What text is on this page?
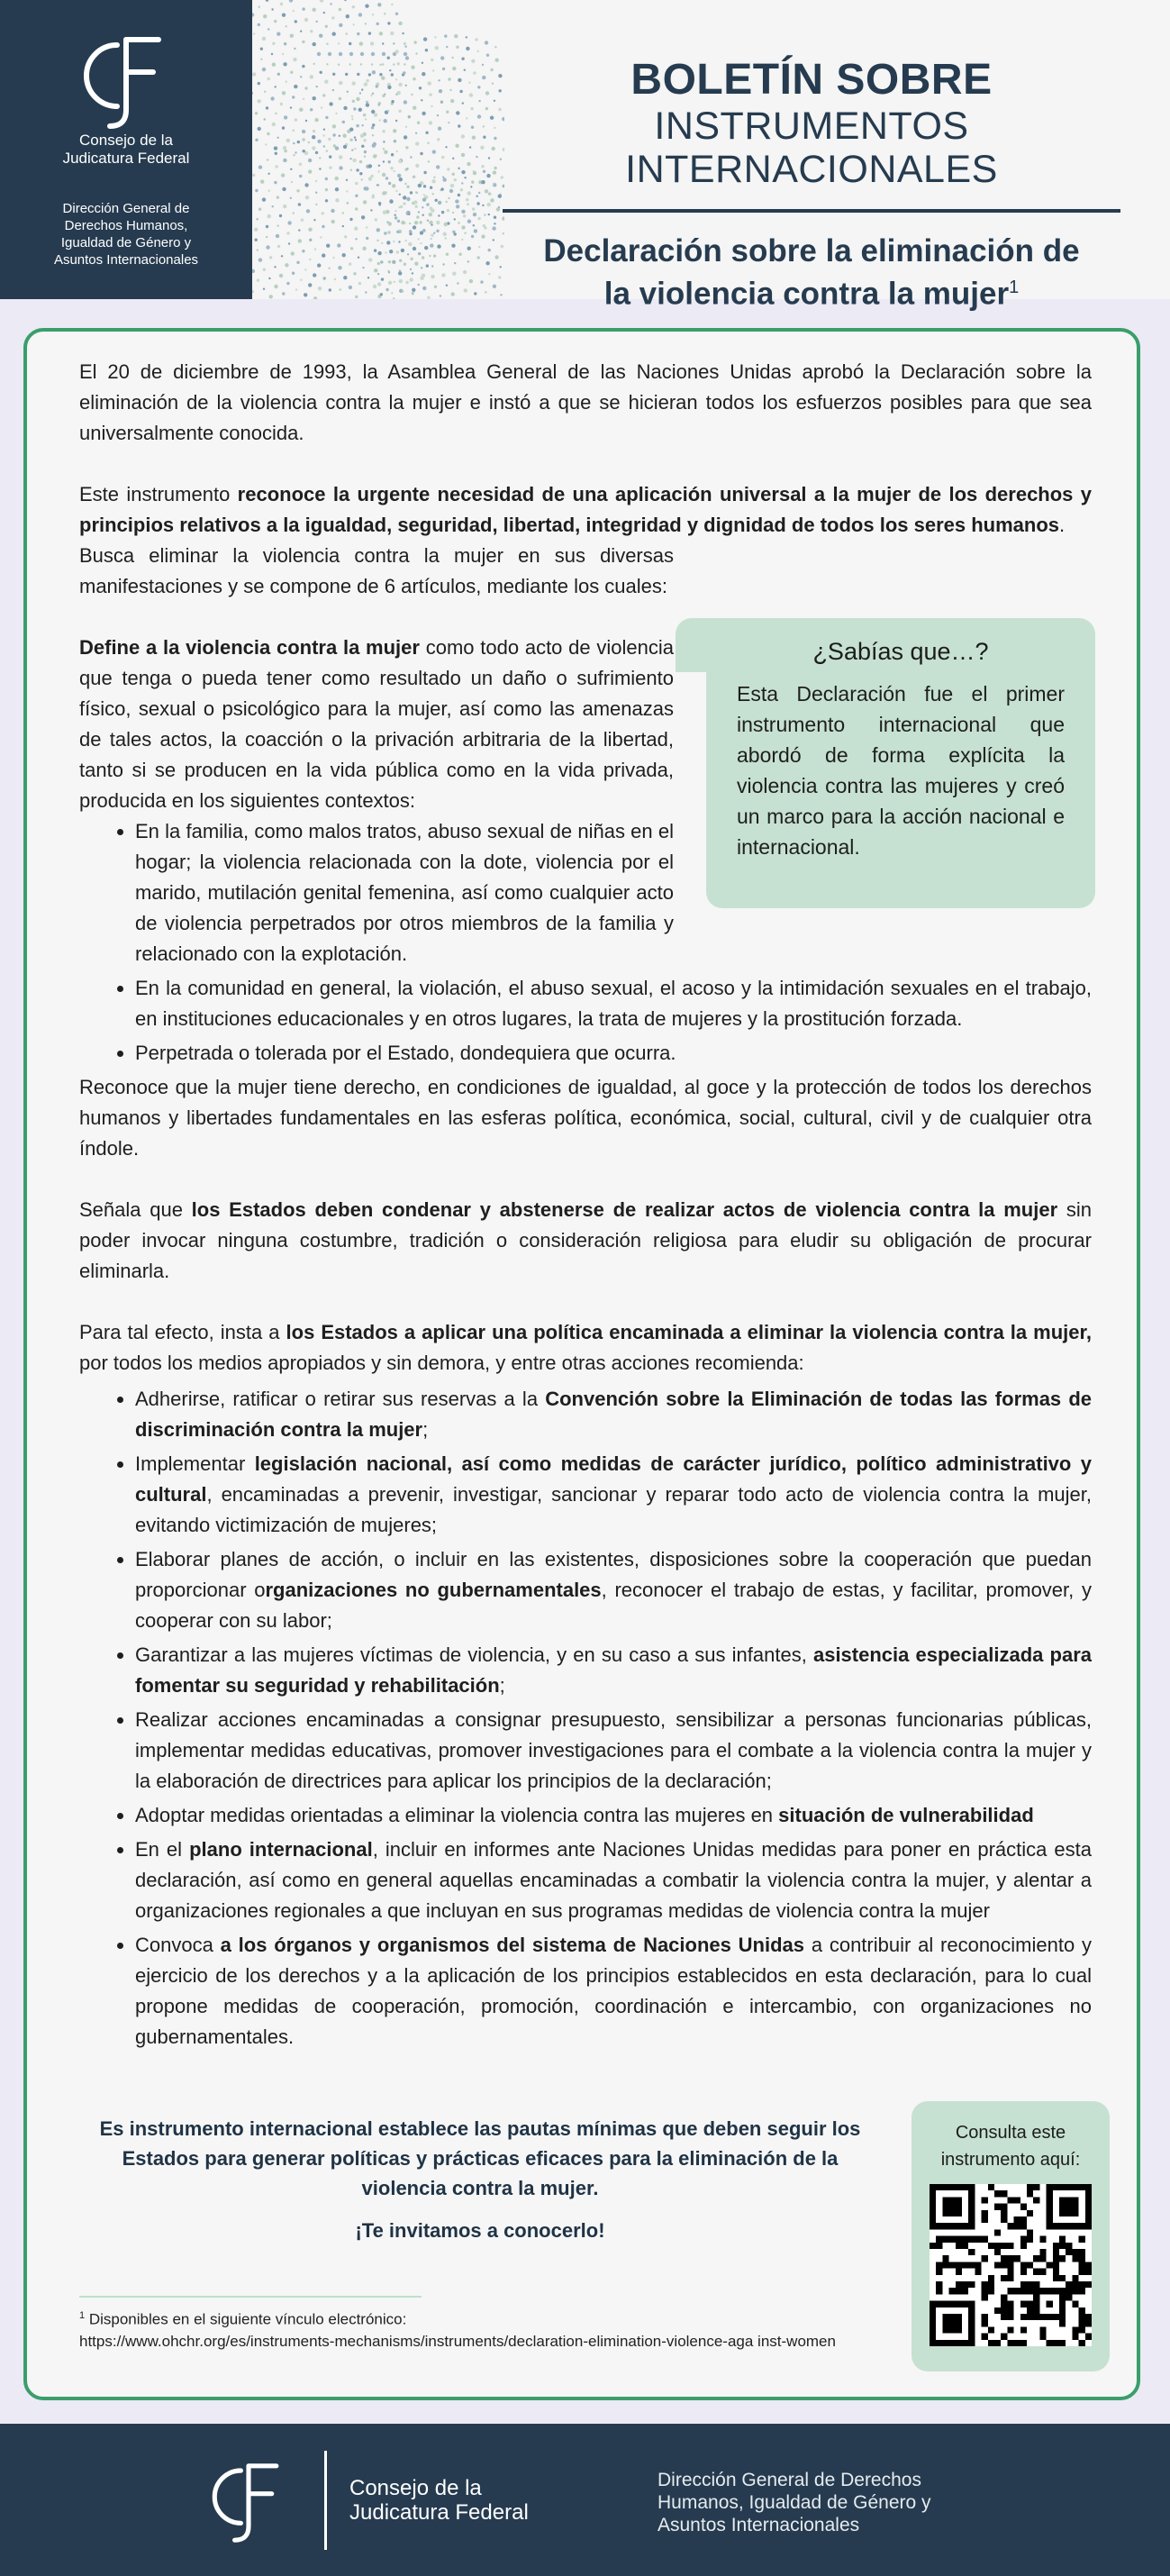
Consejo de la
Judicatura Federal
Dirección General de
Derechos Humanos,
Igualdad de Género y
Asuntos Internacionales
BOLETÍN SOBRE
INSTRUMENTOS INTERNACIONALES
Declaración sobre la eliminación de
la violencia contra la mujer$^1$

El 20 de diciembre de 1993, la Asamblea General de las Naciones Unidas aprobó la Declaración sobre la eliminación de la violencia contra la mujer e instó a que se hicieran todos los esfuerzos posibles para que sea universalmente conocida.

Este instrumento reconoce la urgente necesidad de una aplicación universal a la mujer de los derechos y principios relativos a la igualdad, seguridad, libertad, integridad y dignidad de todos los seres humanos.

Busca eliminar la violencia contra la mujer en sus diversas manifestaciones y se compone de 6 artículos, mediante los cuales:

Define a la violencia contra la mujer como todo acto de violencia que tenga o pueda tener como resultado un daño o sufrimiento físico, sexual o psicológico para la mujer, así como las amenazas de tales actos, la coacción o la privación arbitraria de la libertad, tanto si se producen en la vida pública como en la vida privada, producida en los siguientes contextos:

• En la familia, como malos tratos, abuso sexual de niñas en el hogar; la violencia relacionada con la dote, violencia por el marido, mutilación genital femenina, así como cualquier acto de violencia perpetrados por otros miembros de la familia y relacionado con la explotación.
• En la comunidad en general, la violación, el abuso sexual, el acoso y la intimidación sexuales en el trabajo, en instituciones educacionales y en otros lugares, la trata de mujeres y la prostitución forzada.
• Perpetrada o tolerada por el Estado, dondequiera que ocurra.

Reconoce que la mujer tiene derecho, en condiciones de igualdad, al goce y la protección de todos los derechos humanos y libertades fundamentales en las esferas política, económica, social, cultural, civil y de cualquier otra índole.

Señala que los Estados deben condenar y abstenerse de realizar actos de violencia contra la mujer sin poder invocar ninguna costumbre, tradición o consideración religiosa para eludir su obligación de procurar eliminarla.

Para tal efecto, insta a los Estados a aplicar una política encaminada a eliminar la violencia contra la mujer, por todos los medios apropiados y sin demora, y entre otras acciones recomienda:

• Adherirse, ratificar o retirar sus reservas a la Convención sobre la Eliminación de todas las formas de discriminación contra la mujer;
• Implementar legislación nacional, así como medidas de carácter jurídico, político administrativo y cultural, encaminadas a prevenir, investigar, sancionar y reparar todo acto de violencia contra la mujer, evitando victimización de mujeres;
• Elaborar planes de acción, o incluir en las existentes, disposiciones sobre la cooperación que puedan proporcionar organizaciones no gubernamentales, reconocer el trabajo de estas, y facilitar, promover, y cooperar con su labor;
• Garantizar a las mujeres víctimas de violencia, y en su caso a sus infantes, asistencia especializada para fomentar su seguridad y rehabilitación;
• Realizar acciones encaminadas a consignar presupuesto, sensibilizar a personas funcionarias públicas, implementar medidas educativas, promover investigaciones para el combate a la violencia contra la mujer y la elaboración de directrices para aplicar los principios de la declaración;
• Adoptar medidas orientadas a eliminar la violencia contra las mujeres en situación de vulnerabilidad
• En el plano internacional, incluir en informes ante Naciones Unidas medidas para poner en práctica esta declaración, así como en general aquellas encaminadas a combatir la violencia contra la mujer, y alentar a organizaciones regionales a que incluyan en sus programas medidas de violencia contra la mujer
• Convoca a los órganos y organismos del sistema de Naciones Unidas a contribuir al reconocimiento y ejercicio de los derechos y a la aplicación de los principios establecidos en esta declaración, para lo cual propone medidas de cooperación, promoción, coordinación e intercambio, con organizaciones no gubernamentales.
¿Sabías que…?
Esta Declaración fue el primer instrumento internacional que abordó de forma explícita la violencia contra las mujeres y creó un marco para la acción nacional e internacional.
Es instrumento internacional establece las pautas mínimas que deben seguir los Estados para generar políticas y prácticas eficaces para la eliminación de la violencia contra la mujer.
¡Te invitamos a conocerlo!
$^1$ Disponibles en el siguiente vínculo electrónico:
https://www.ohchr.org/es/instruments-mechanisms/instruments/declaration-elimination-violence-aga inst-women
Consulta este instrumento aquí:
Consejo de la
Judicatura Federal
Dirección General de Derechos
Humanos, Igualdad de Género y
Asuntos Internacionales
